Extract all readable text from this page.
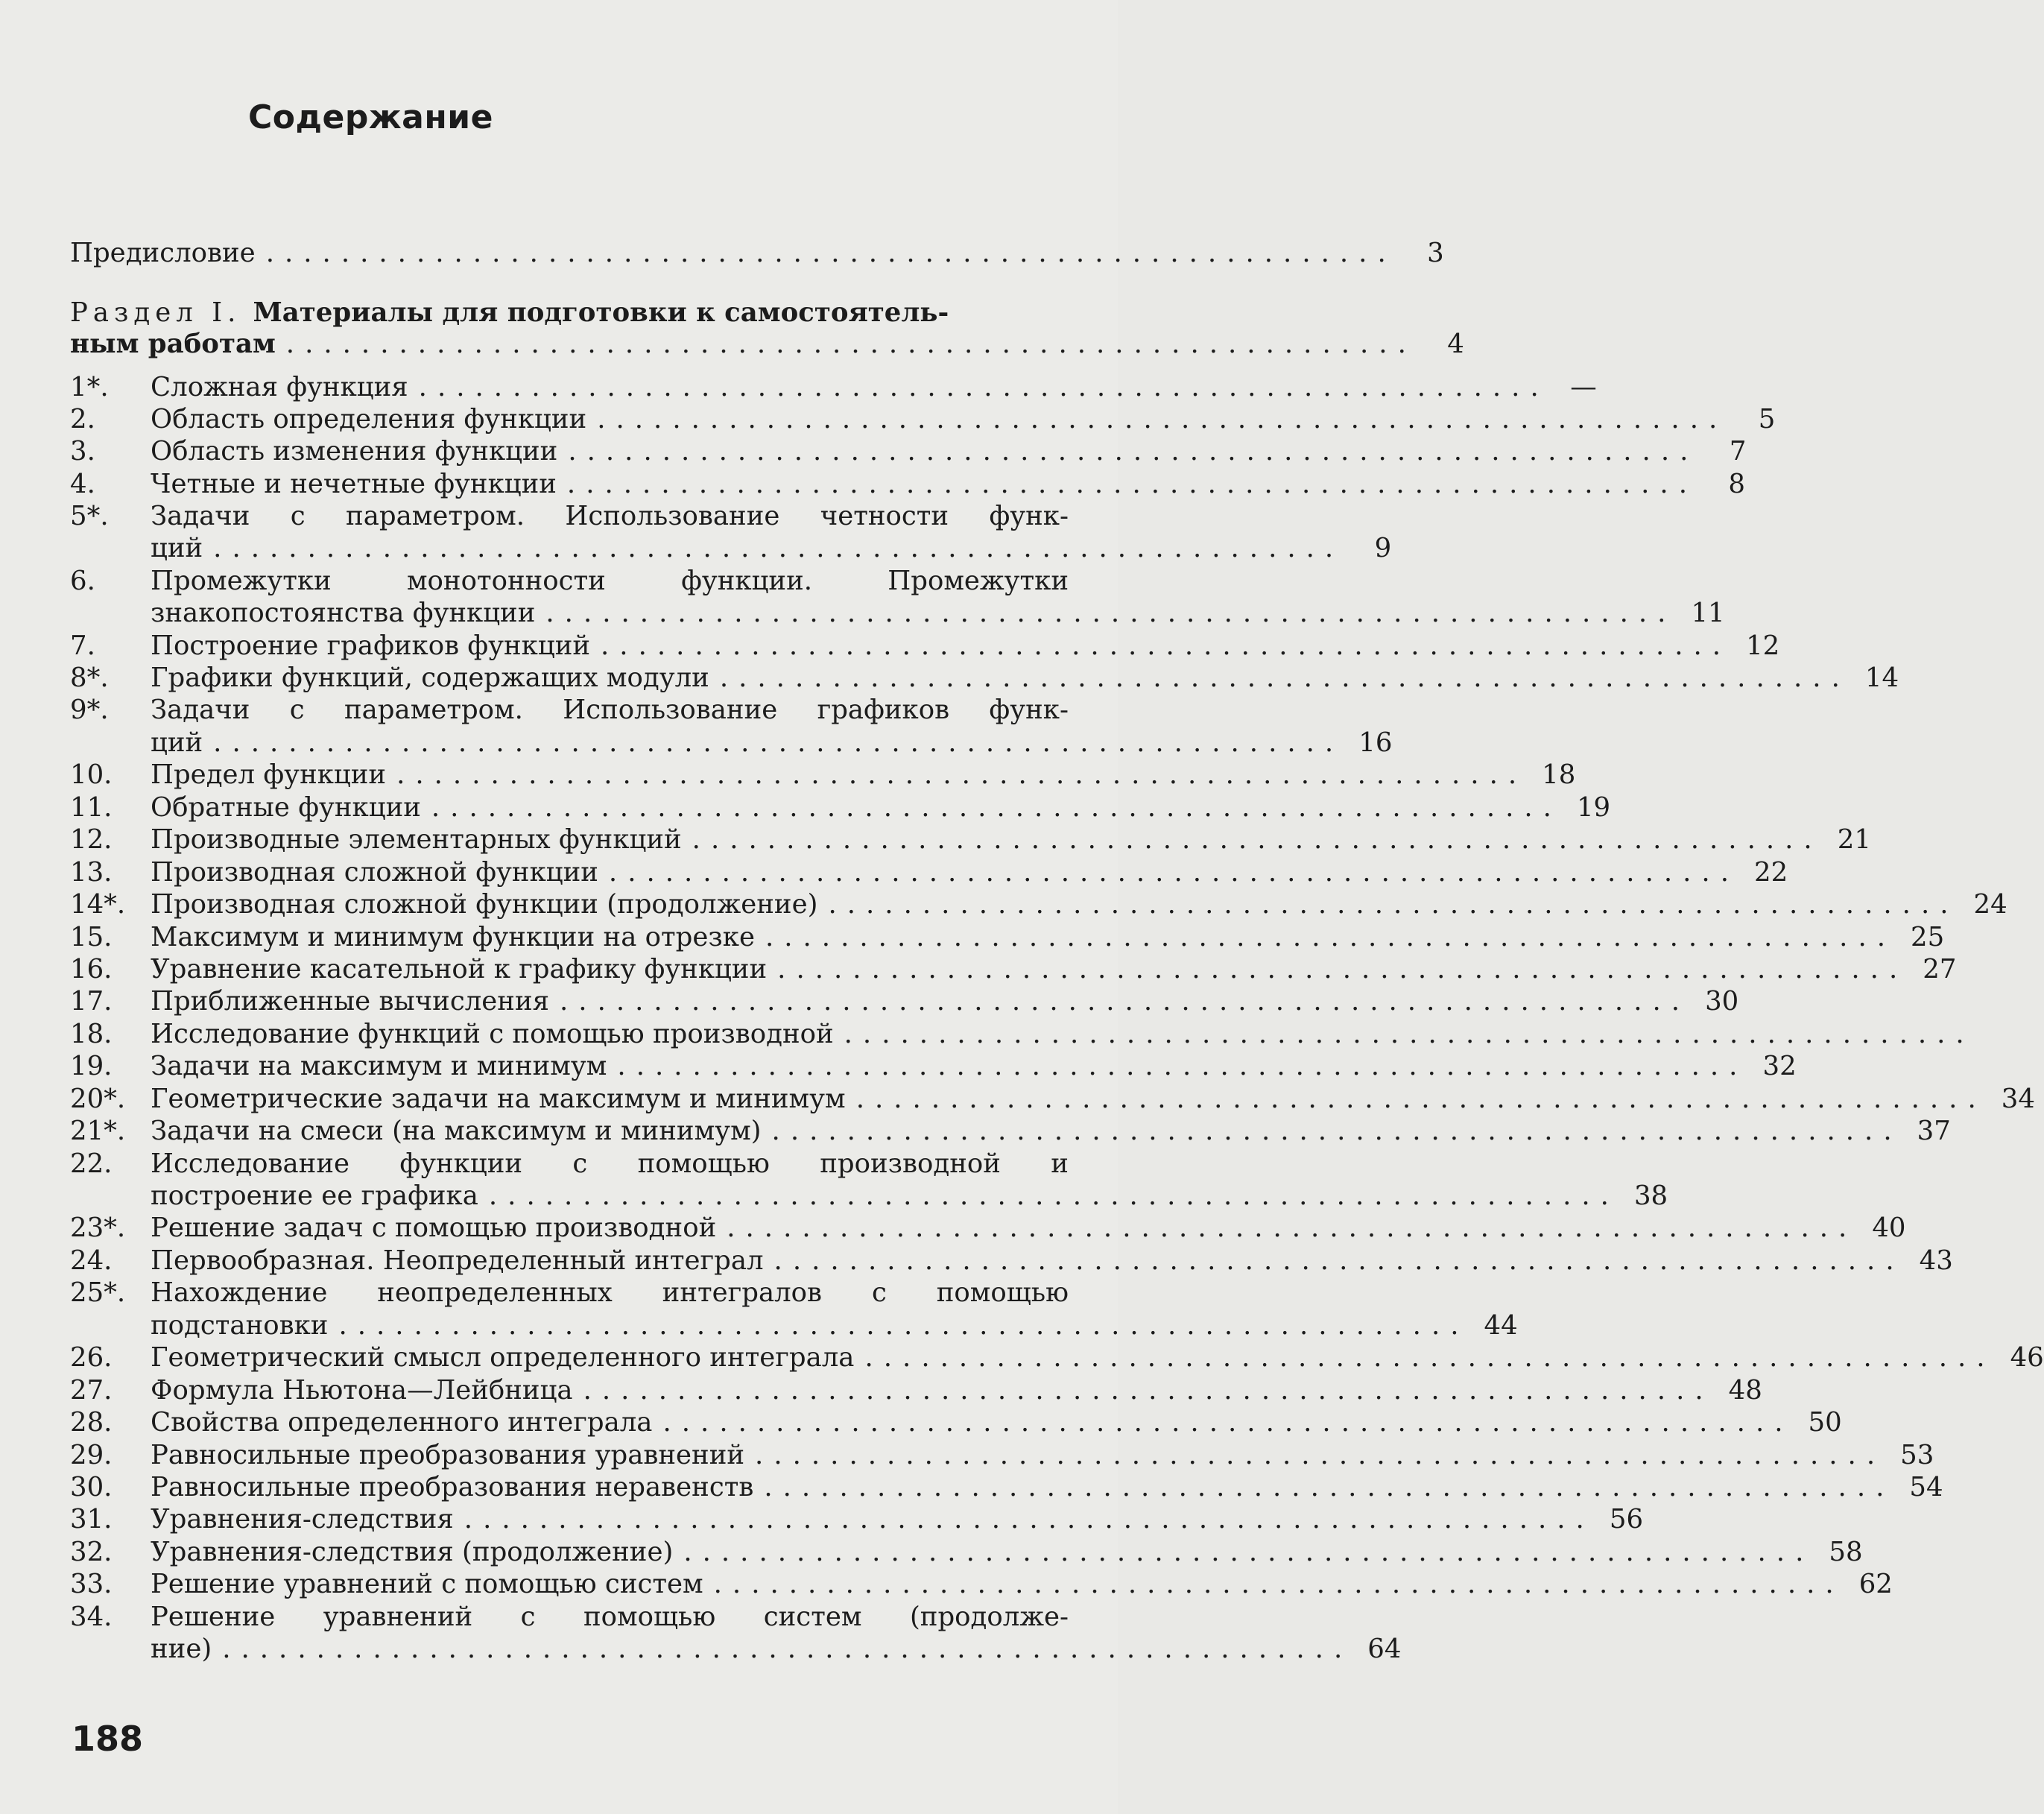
Содержание
Предисловие ............................................................	3
Раздел I. Материалы для подготовки к самостоятель-
ным работам ............................................................	4
1*.	Сложная функция ............................................................ —
2.	Область определения функции ............................................................	5
3.	Область изменения функции ............................................................	7
4.	Четные и нечетные функции ............................................................	8
5*.	Задачи с параметром. Использование четности функ-
ций ............................................................	9
6.	Промежутки	монотонности	функции.	Промежутки
знакопостоянства функции ............................................................ 11
7.	Построение графиков функций ............................................................ 12
8*.	Графики функций, содержащих модули ............................................................ 14
9*.	Задачи с параметром. Использование графиков функ-
ций ............................................................ 16
10.	Предел функции ............................................................ 18
11.	Обратные функции ............................................................ 19
12.	Производные элементарных функций ............................................................ 21
13.	Производная сложной функции ............................................................ 22
14*. Производная сложной функции (продолжение) ............................................................ 24
15.	Максимум и минимум функции на отрезке ............................................................ 25
16.	Уравнение касательной к графику функции ............................................................ 27
17.	Приближенные вычисления ............................................................ 30
18.	Исследование функций с помощью производной ............................................................
19.	Задачи на максимум и минимум ............................................................ 32
20*. Геометрические задачи на максимум и минимум ............................................................ 34
21*. Задачи на смеси (на максимум и минимум) ............................................................ 37
22.	Исследование функции с помощью производной и
построение ее графика ............................................................ 38
23*. Решение задач с помощью производной ............................................................ 40
24.	Первообразная. Неопределенный интеграл ............................................................ 43
25*. Нахождение неопределенных интегралов с помощью
подстановки ............................................................ 44
26.	Геометрический смысл определенного интеграла ............................................................ 46
27.	Формула Ньютона—Лейбница ............................................................ 48
28.	Свойства определенного интеграла ............................................................ 50
29.	Равносильные преобразования уравнений ............................................................ 53
30.	Равносильные преобразования неравенств ............................................................ 54
31.	Уравнения-следствия ............................................................ 56
32.	Уравнения-следствия (продолжение) ............................................................ 58
33.	Решение уравнений с помощью систем ............................................................ 62
34.	Решение уравнений с помощью систем (продолже-
ние) ............................................................ 64
188
